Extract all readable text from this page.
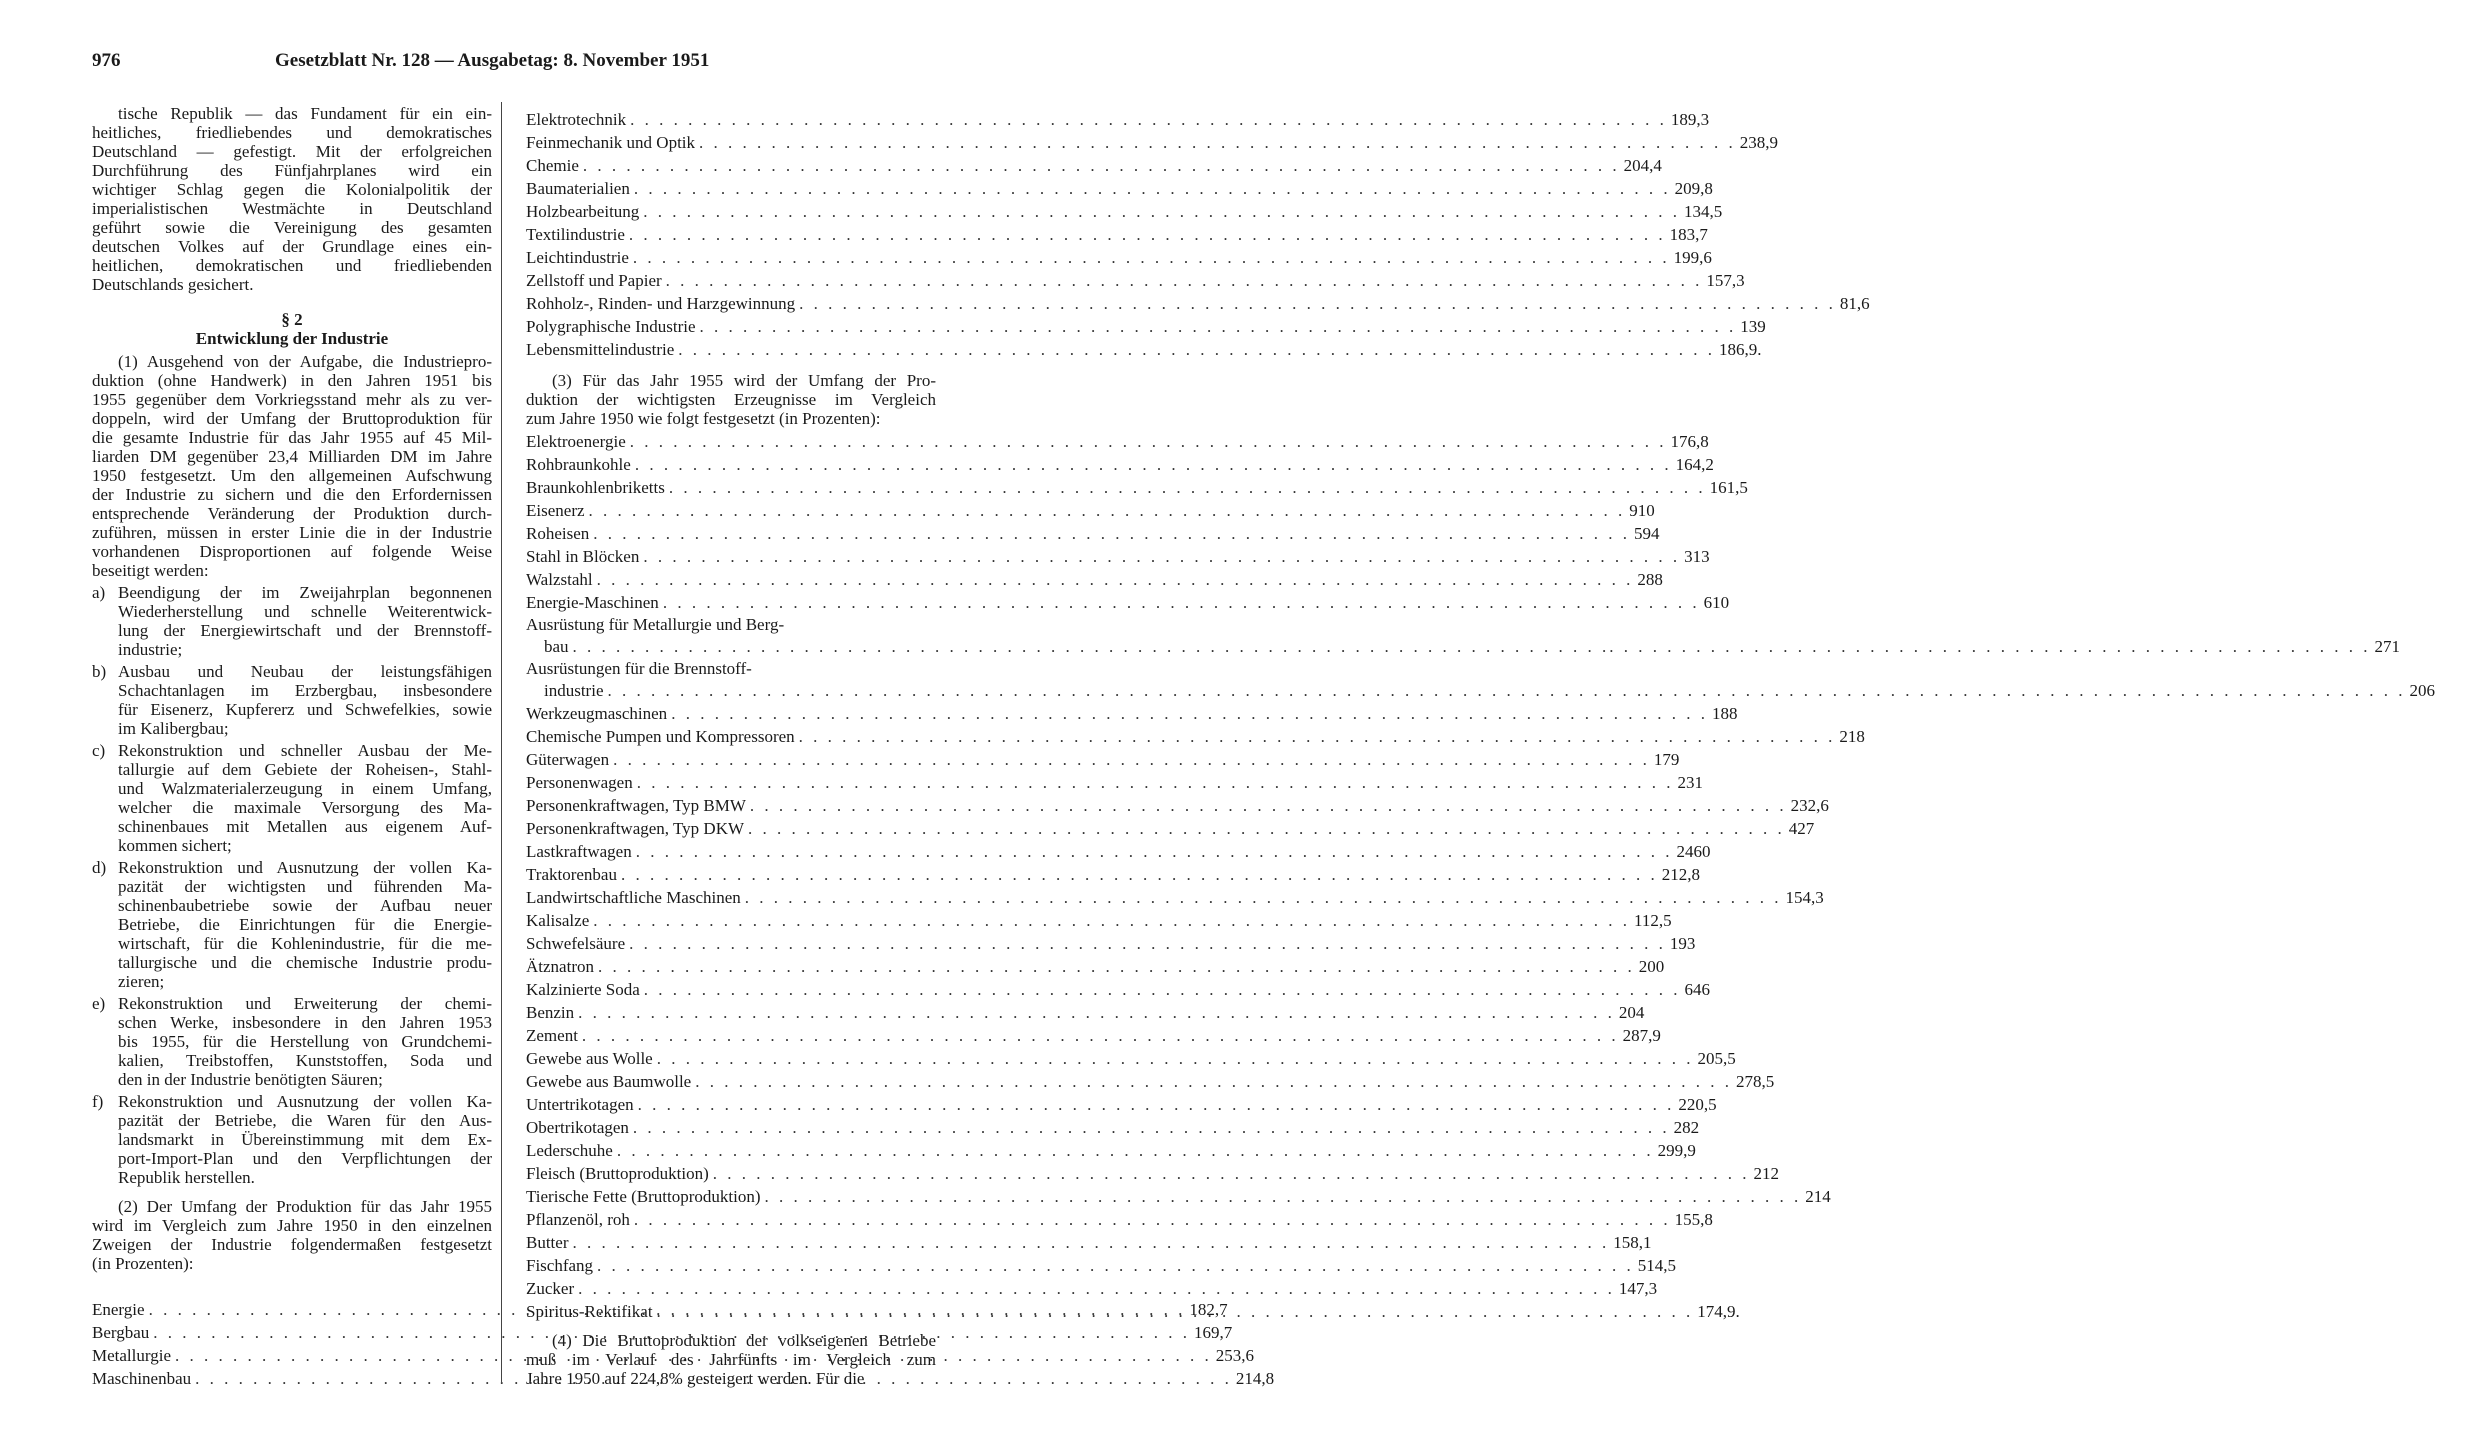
976	Gesetzblatt Nr. 128 — Ausgabetag: 8. November 1951
tische Republik — das Fundament für ein ein-
heitliches, friedliebendes und demokratisches
Deutschland — gefestigt. Mit der erfolgreichen
Durchführung des Fünfjahrplanes wird ein
wichtiger Schlag gegen die Kolonialpolitik der
imperialistischen Westmächte in Deutschland
geführt sowie die Vereinigung des gesamten
deutschen Volkes auf der Grundlage eines ein-
heitlichen, demokratischen und friedliebenden
Deutschlands gesichert.
§ 2
Entwicklung der Industrie
(1) Ausgehend von der Aufgabe, die Industriepro-
duktion (ohne Handwerk) in den Jahren 1951 bis
1955 gegenüber dem Vorkriegsstand mehr als zu ver-
doppeln, wird der Umfang der Bruttoproduktion für
die gesamte Industrie für das Jahr 1955 auf 45 Mil-
liarden DM gegenüber 23,4 Milliarden DM im Jahre
1950 festgesetzt. Um den allgemeinen Aufschwung
der Industrie zu sichern und die den Erfordernissen
entsprechende Veränderung der Produktion durch-
zuführen, müssen in erster Linie die in der Industrie
vorhandenen Disproportionen auf folgende Weise
beseitigt werden:
a) Beendigung der im Zweijahrplan begonnenen
Wiederherstellung und schnelle Weiterentwick-
lung der Energiewirtschaft und der Brennstoff-
industrie;
b) Ausbau und Neubau der leistungsfähigen
Schachtanlagen im Erzbergbau, insbesondere
für Eisenerz, Kupfererz und Schwefelkies, sowie
im Kalibergbau;
c) Rekonstruktion und schneller Ausbau der Me-
tallurgie auf dem Gebiete der Roheisen-, Stahl-
und Walzmaterialerzeugung in einem Umfang,
welcher die maximale Versorgung des Ma-
schinenbaues mit Metallen aus eigenem Auf-
kommen sichert;
d) Rekonstruktion und Ausnutzung der vollen Ka-
pazität der wichtigsten und führenden Ma-
schinenbaubetriebe sowie der Aufbau neuer
Betriebe, die Einrichtungen für die Energie-
wirtschaft, für die Kohlenindustrie, für die me-
tallurgische und die chemische Industrie produ-
zieren;
e) Rekonstruktion und Erweiterung der chemi-
schen Werke, insbesondere in den Jahren 1953
bis 1955, für die Herstellung von Grundchemi-
kalien, Treibstoffen, Kunststoffen, Soda und
den in der Industrie benötigten Säuren;
f) Rekonstruktion und Ausnutzung der vollen Ka-
pazität der Betriebe, die Waren für den Aus-
landsmarkt in Übereinstimmung mit dem Ex-
port-Import-Plan und den Verpflichtungen der
Republik herstellen.
(2) Der Umfang der Produktion für das Jahr 1955
wird im Vergleich zum Jahre 1950 in den einzelnen
Zweigen der Industrie folgendermaßen festgesetzt
(in Prozenten):
Energie . . .	182,7
Bergbau . . .	169,7
Metallurgie . . .	253,6
Maschinenbau . . .	214,8
Elektrotechnik . . .	189,3
Feinmechanik und Optik . . .	238,9
Chemie . . .	204,4
Baumaterialien . . .	209,8
Holzbearbeitung . . .	134,5
Textilindustrie . . .	183,7
Leichtindustrie . . .	199,6
Zellstoff und Papier . . .	157,3
Rohholz-, Rinden- und Harzgewinnung . . .	81,6
Polygraphische Industrie . . .	139
Lebensmittelindustrie . . .	186,9.
(3) Für das Jahr 1955 wird der Umfang der Pro-
duktion der wichtigsten Erzeugnisse im Vergleich
zum Jahre 1950 wie folgt festgesetzt (in Prozenten):
Elektroenergie . . .	176,8
Rohbraunkohle . . .	164,2
Braunkohlenbriketts . . .	161,5
Eisenerz . . .	910
Roheisen . . .	594
Stahl in Blöcken . . .	313
Walzstahl . . .	288
Energie-Maschinen . . .	610
Ausrüstung für Metallurgie und Berg-
bau	. . . . . . . . . . . . . . . . . . . . . . . . . . . . . . . . . . . . . . . . . . . . . . . . . . . . . . . . 271
Ausrüstungen für die Brennstoff-
industrie	. . . . . . . . . . . . . . . . . . . . . . . . . . . . . . . . . . . . . . . . . . . . . . . . . . . . . . . . 206
Werkzeugmaschinen . . .	188
Chemische Pumpen und Kompressoren . . .	218
Güterwagen . . .	179
Personenwagen . . .	231
Personenkraftwagen, Typ BMW . . .	232,6
Personenkraftwagen, Typ DKW . . .	427
Lastkraftwagen . . .	2460
Traktorenbau . . .	212,8
Landwirtschaftliche Maschinen . . .	154,3
Kalisalze . . .	112,5
Schwefelsäure . . .	193
Ätznatron . . .	200
Kalzinierte Soda . . .	646
Benzin . . .	204
Zement . . .	287,9
Gewebe aus Wolle . . .	205,5
Gewebe aus Baumwolle . . .	278,5
Untertrikotagen . . .	220,5
Obertrikotagen . . .	282
Lederschuhe . . .	299,9
Fleisch (Bruttoproduktion) . . .	212
Tierische Fette (Bruttoproduktion) . . .	214
Pflanzenöl, roh . . .	155,8
Butter . . .	158,1
Fischfang . . .	514,5
Zucker . . .	147,3
Spiritus-Rektifikat . . .	174,9.
(4) Die Bruttoproduktion der volkseigenen Betriebe
muß im Verlauf des Jahrfünfts im Vergleich zum
Jahre 1950 auf 224,8% gesteigert werden. Für die
